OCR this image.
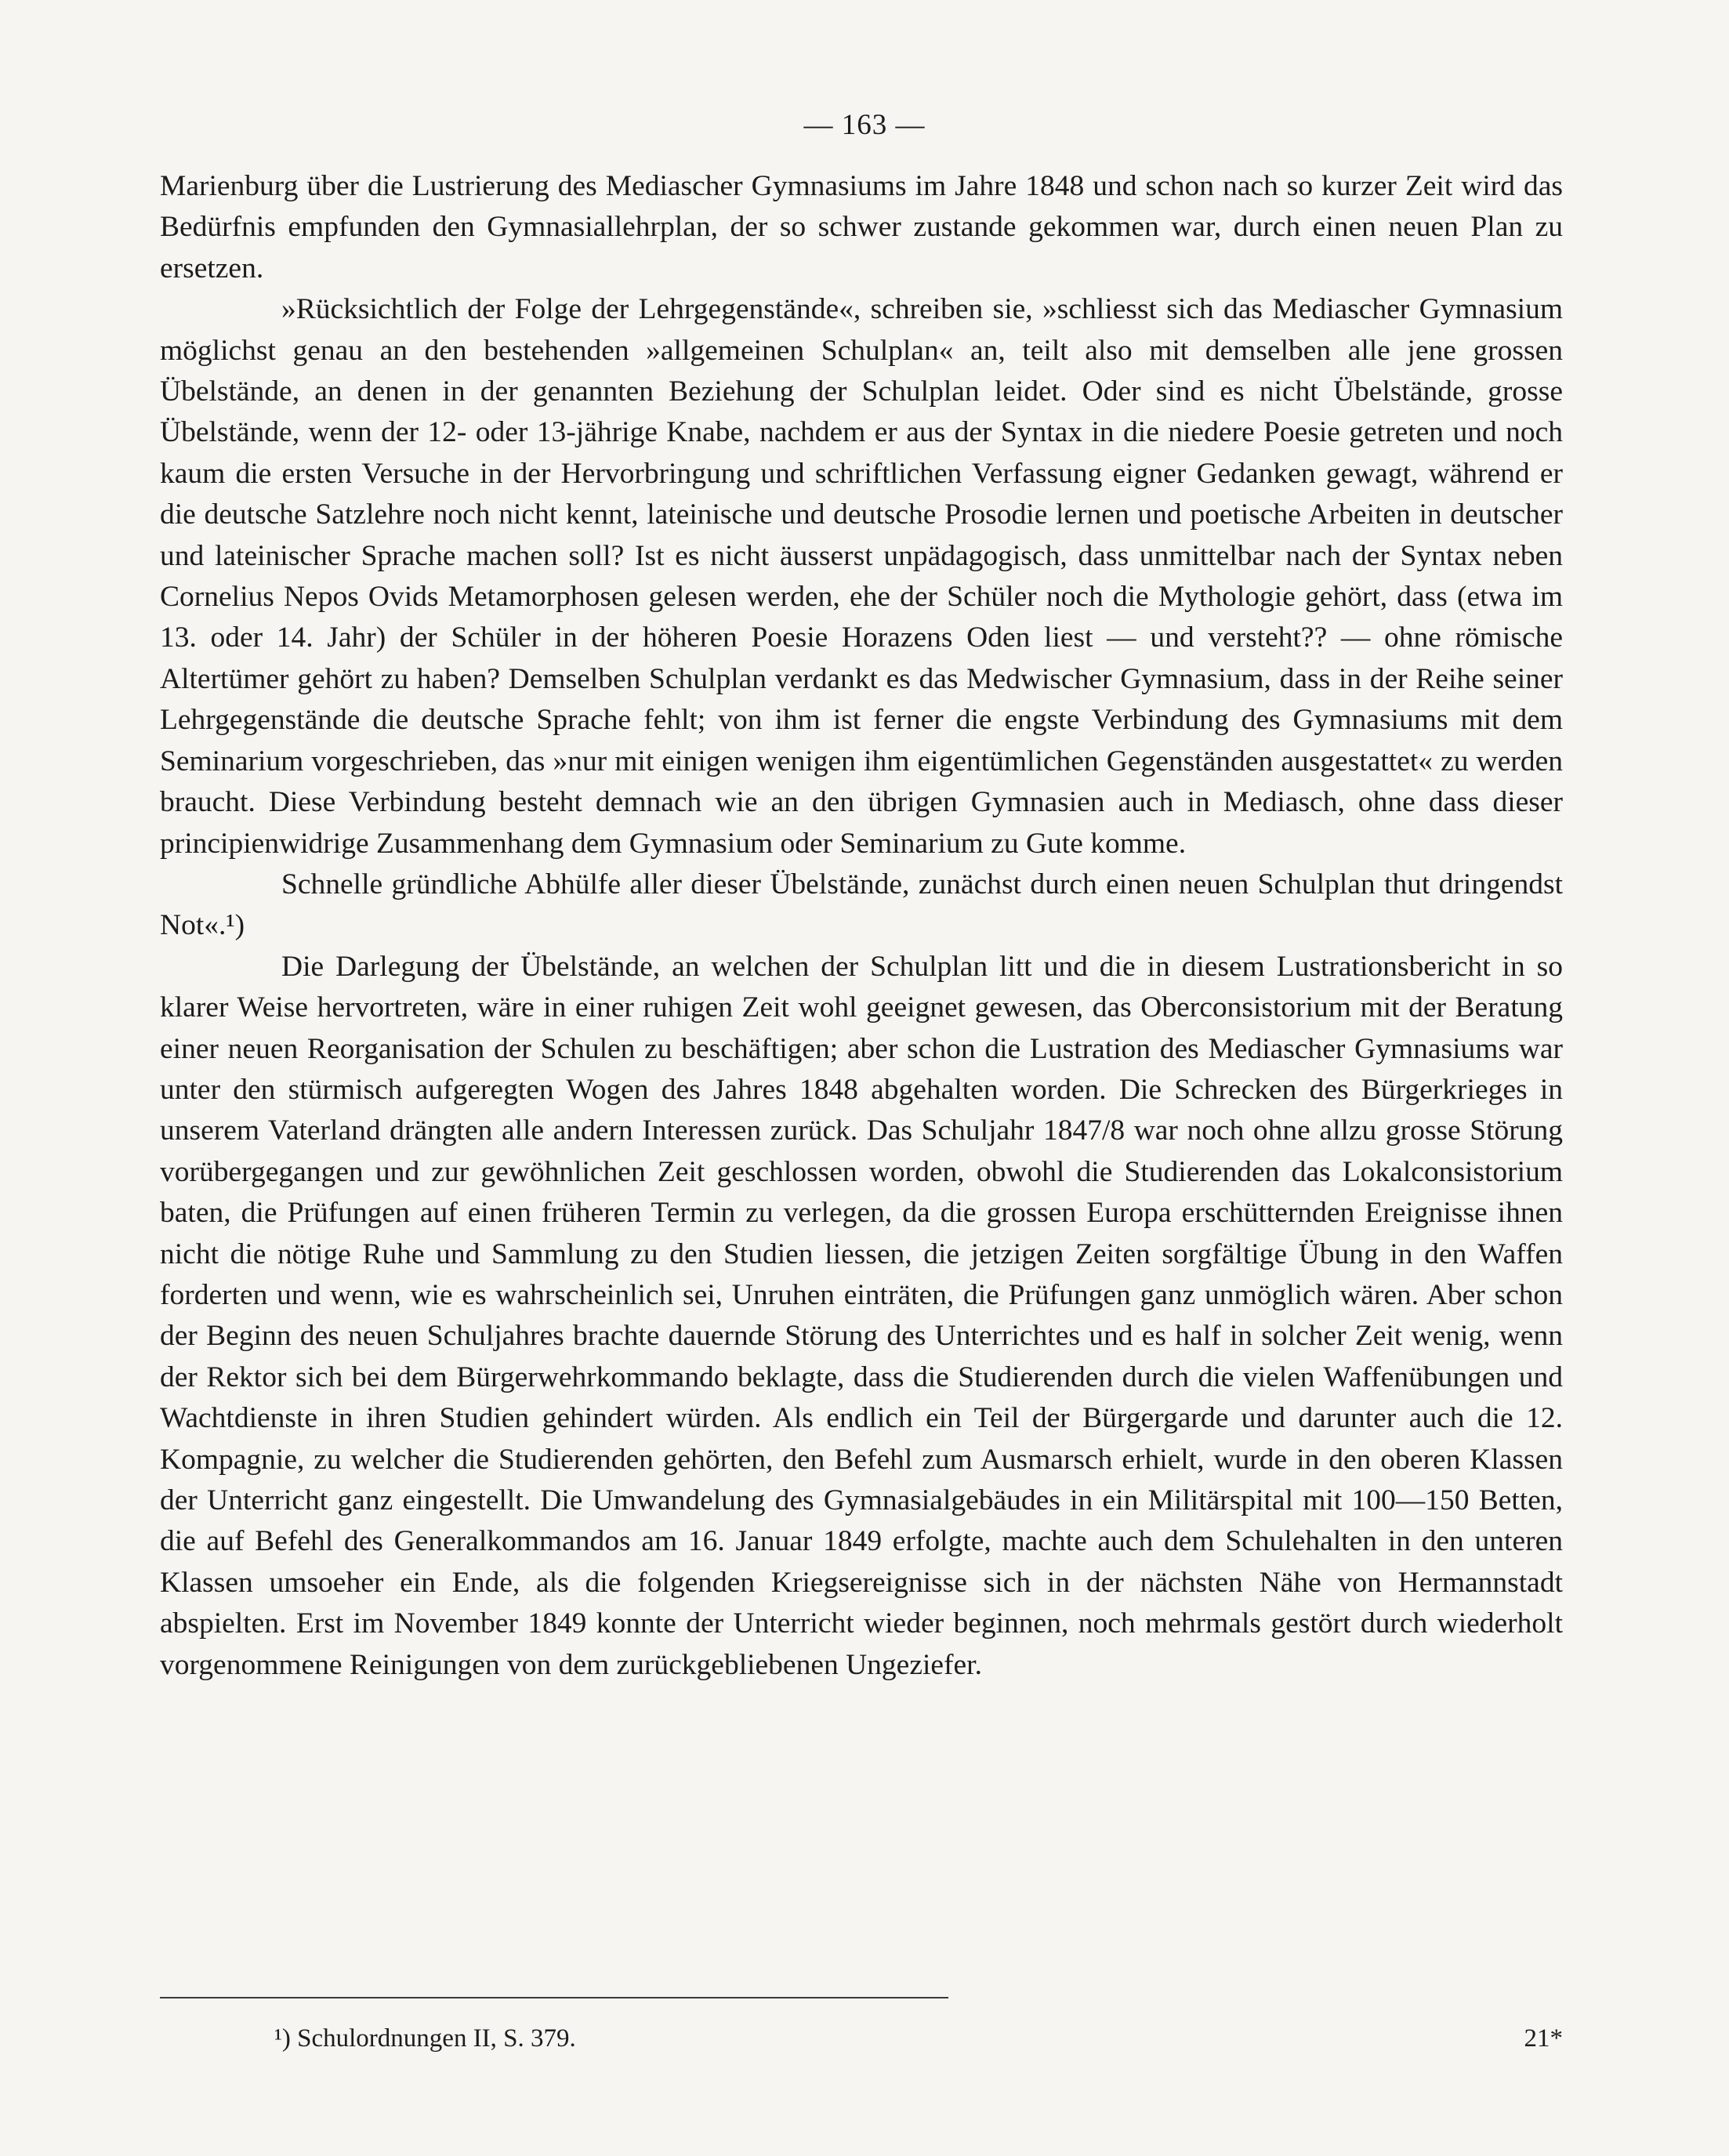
— 163 —

Marienburg über die Lustrierung des Mediascher Gymnasiums im Jahre 1848 und schon nach so kurzer Zeit wird das Bedürfnis empfunden den Gymnasiallehrplan, der so schwer zustande gekommen war, durch einen neuen Plan zu ersetzen.

»Rücksichtlich der Folge der Lehrgegenstände«, schreiben sie, »schliesst sich das Mediascher Gymnasium möglichst genau an den bestehenden »allgemeinen Schulplan« an, teilt also mit demselben alle jene grossen Übelstände, an denen in der genannten Beziehung der Schulplan leidet. Oder sind es nicht Übelstände, grosse Übelstände, wenn der 12- oder 13-jährige Knabe, nachdem er aus der Syntax in die niedere Poesie getreten und noch kaum die ersten Versuche in der Hervorbringung und schriftlichen Verfassung eigner Gedanken gewagt, während er die deutsche Satzlehre noch nicht kennt, lateinische und deutsche Prosodie lernen und poetische Arbeiten in deutscher und lateinischer Sprache machen soll? Ist es nicht äusserst unpädagogisch, dass unmittelbar nach der Syntax neben Cornelius Nepos Ovids Metamorphosen gelesen werden, ehe der Schüler noch die Mythologie gehört, dass (etwa im 13. oder 14. Jahr) der Schüler in der höheren Poesie Horazens Oden liest — und versteht?? — ohne römische Altertümer gehört zu haben? Demselben Schulplan verdankt es das Medwischer Gymnasium, dass in der Reihe seiner Lehrgegenstände die deutsche Sprache fehlt; von ihm ist ferner die engste Verbindung des Gymnasiums mit dem Seminarium vorgeschrieben, das »nur mit einigen wenigen ihm eigentümlichen Gegenständen ausgestattet« zu werden braucht. Diese Verbindung besteht demnach wie an den übrigen Gymnasien auch in Mediasch, ohne dass dieser principienwidrige Zusammenhang dem Gymnasium oder Seminarium zu Gute komme.

Schnelle gründliche Abhülfe aller dieser Übelstände, zunächst durch einen neuen Schulplan thut dringendst Not«.¹)

Die Darlegung der Übelstände, an welchen der Schulplan litt und die in diesem Lustrationsbericht in so klarer Weise hervortreten, wäre in einer ruhigen Zeit wohl geeignet gewesen, das Oberconsistorium mit der Beratung einer neuen Reorganisation der Schulen zu beschäftigen; aber schon die Lustration des Mediascher Gymnasiums war unter den stürmisch aufgeregten Wogen des Jahres 1848 abgehalten worden. Die Schrecken des Bürgerkrieges in unserem Vaterland drängten alle andern Interessen zurück. Das Schuljahr 1847/8 war noch ohne allzu grosse Störung vorübergegangen und zur gewöhnlichen Zeit geschlossen worden, obwohl die Studierenden das Lokalconsistorium baten, die Prüfungen auf einen früheren Termin zu verlegen, da die grossen Europa erschütternden Ereignisse ihnen nicht die nötige Ruhe und Sammlung zu den Studien liessen, die jetzigen Zeiten sorgfältige Übung in den Waffen forderten und wenn, wie es wahrscheinlich sei, Unruhen einträten, die Prüfungen ganz unmöglich wären. Aber schon der Beginn des neuen Schuljahres brachte dauernde Störung des Unterrichtes und es half in solcher Zeit wenig, wenn der Rektor sich bei dem Bürgerwehrkommando beklagte, dass die Studierenden durch die vielen Waffenübungen und Wachtdienste in ihren Studien gehindert würden. Als endlich ein Teil der Bürgergarde und darunter auch die 12. Kompagnie, zu welcher die Studierenden gehörten, den Befehl zum Ausmarsch erhielt, wurde in den oberen Klassen der Unterricht ganz eingestellt. Die Umwandelung des Gymnasialgebäudes in ein Militärspital mit 100—150 Betten, die auf Befehl des Generalkommandos am 16. Januar 1849 erfolgte, machte auch dem Schulehalten in den unteren Klassen umsoeher ein Ende, als die folgenden Kriegsereignisse sich in der nächsten Nähe von Hermannstadt abspielten. Erst im November 1849 konnte der Unterricht wieder beginnen, noch mehrmals gestört durch wiederholt vorgenommene Reinigungen von dem zurückgebliebenen Ungeziefer.

¹) Schulordnungen II, S. 379.	21*
